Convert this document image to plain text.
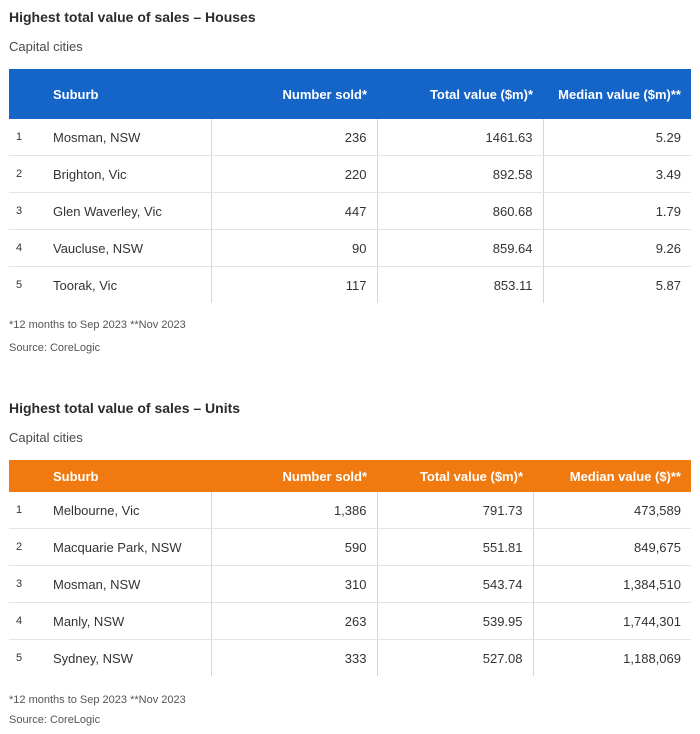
Highest total value of sales – Houses
Capital cities
	Suburb	Number sold*	Total value ($m)*	Median value ($m)**
1	Mosman, NSW	236	1461.63	5.29
2	Brighton, Vic	220	892.58	3.49
3	Glen Waverley, Vic	447	860.68	1.79
4	Vaucluse, NSW	90	859.64	9.26
5	Toorak, Vic	117	853.11	5.87
*12 months to Sep 2023 **Nov 2023
Source: CoreLogic
Highest total value of sales – Units
Capital cities
	Suburb	Number sold*	Total value ($m)*	Median value ($)**
1	Melbourne, Vic	1,386	791.73	473,589
2	Macquarie Park, NSW	590	551.81	849,675
3	Mosman, NSW	310	543.74	1,384,510
4	Manly, NSW	263	539.95	1,744,301
5	Sydney, NSW	333	527.08	1,188,069
*12 months to Sep 2023 **Nov 2023
Source: CoreLogic
